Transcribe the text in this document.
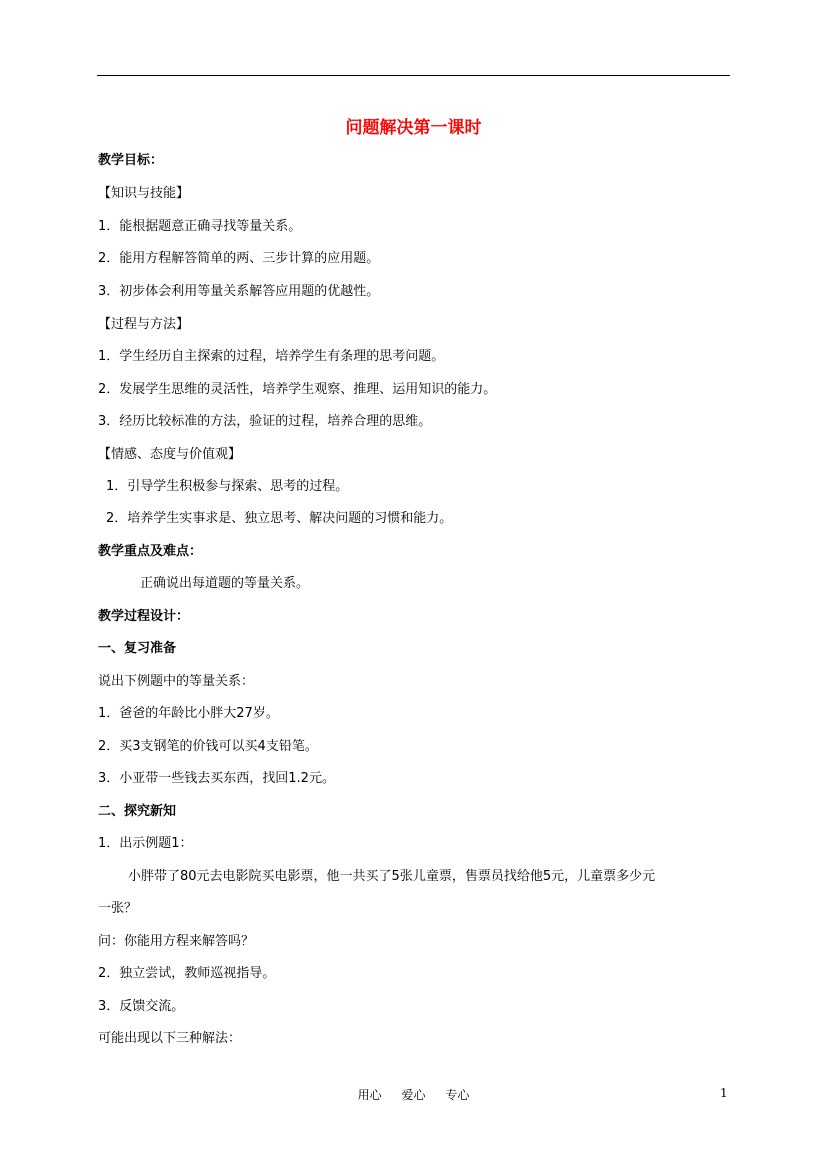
问题解决第一课时
教学目标：
【知识与技能】
1．能根据题意正确寻找等量关系。
2．能用方程解答简单的两、三步计算的应用题。
3．初步体会利用等量关系解答应用题的优越性。
【过程与方法】
1．学生经历自主探索的过程，培养学生有条理的思考问题。
2．发展学生思维的灵活性，培养学生观察、推理、运用知识的能力。
3．经历比较标准的方法，验证的过程，培养合理的思维。
【情感、态度与价值观】
1．引导学生积极参与探索、思考的过程。
2．培养学生实事求是、独立思考、解决问题的习惯和能力。
教学重点及难点：
正确说出每道题的等量关系。
教学过程设计：
一、复习准备
说出下例题中的等量关系：
1．爸爸的年龄比小胖大27岁。
2．买3支钢笔的价钱可以买4支铅笔。
3．小亚带一些钱去买东西，找回1.2元。
二、探究新知
1．出示例题1：
小胖带了80元去电影院买电影票，他一共买了5张儿童票，售票员找给他5元，儿童票多少元
一张？
问：你能用方程来解答吗？
2．独立尝试，教师巡视指导。
3．反馈交流。
可能出现以下三种解法：
用心 爱心 专心	1
